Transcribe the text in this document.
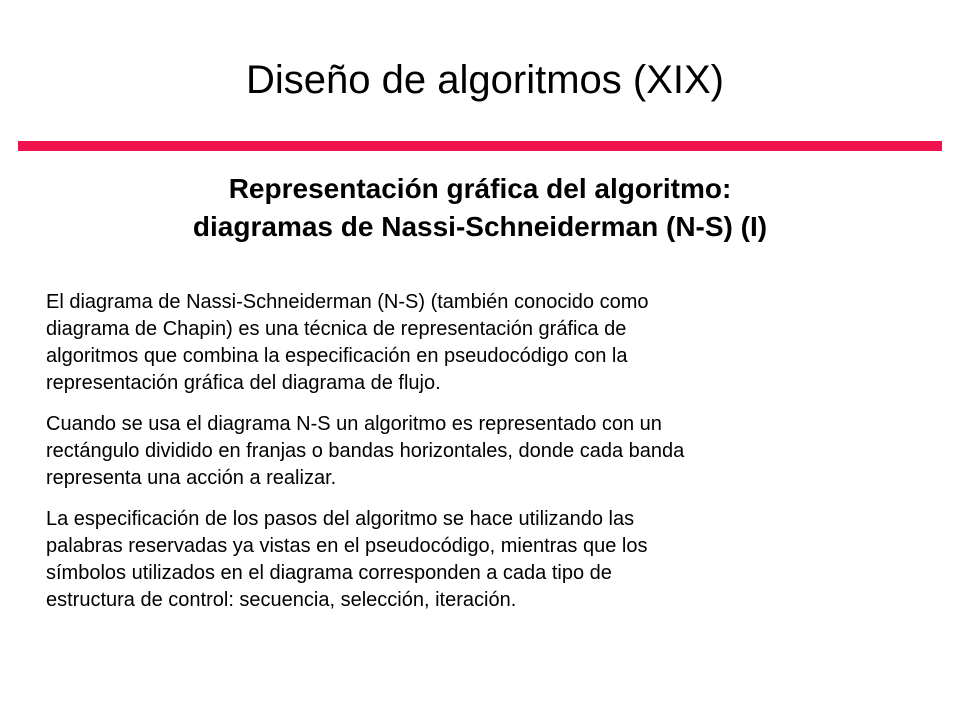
Diseño de algoritmos (XIX)
Representación gráfica del algoritmo:
diagramas de Nassi-Schneiderman (N-S) (I)

El diagrama de Nassi-Schneiderman (N-S) (también conocido como
diagrama de Chapin) es una técnica de representación gráfica de
algoritmos que combina la especificación en pseudocódigo con la
representación gráfica del diagrama de flujo.

Cuando se usa el diagrama N-S un algoritmo es representado con un
rectángulo dividido en franjas o bandas horizontales, donde cada banda
representa una acción a realizar.

La especificación de los pasos del algoritmo se hace utilizando las
palabras reservadas ya vistas en el pseudocódigo, mientras que los
símbolos utilizados en el diagrama corresponden a cada tipo de
estructura de control: secuencia, selección, iteración.
